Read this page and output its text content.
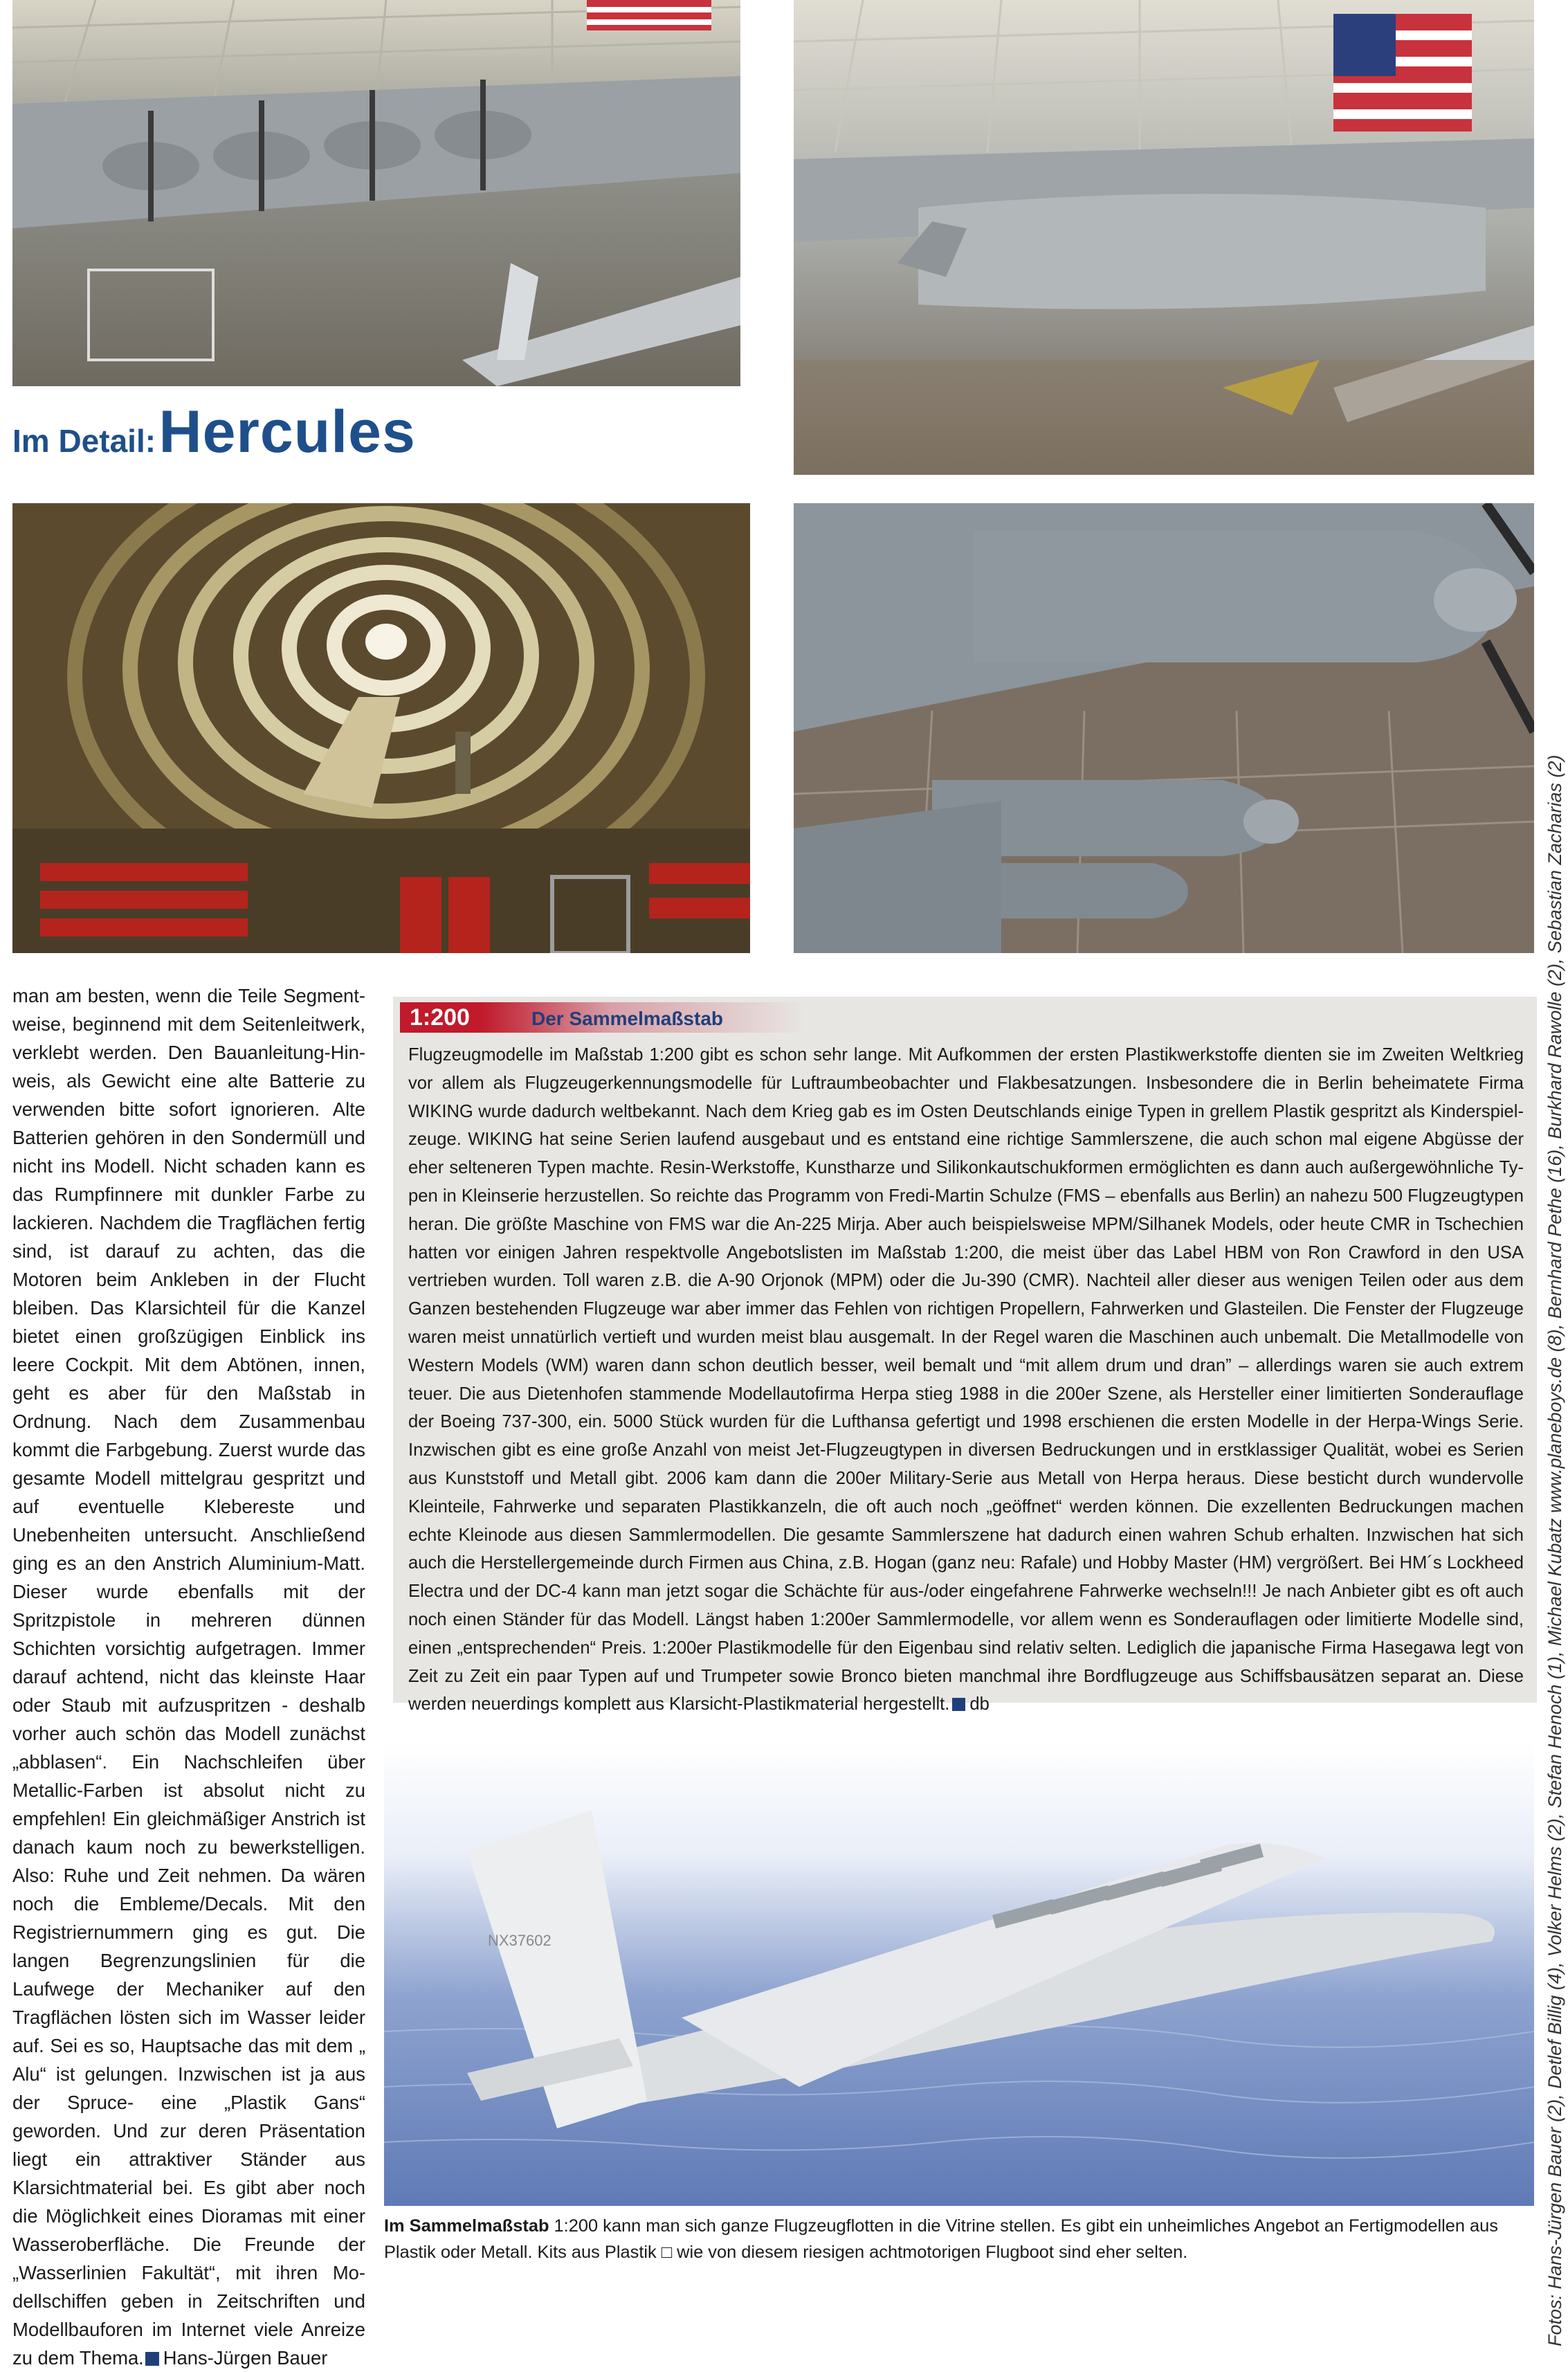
Im Detail: Hercules
man am besten, wenn die Teile Segmentweise, beginnend mit dem Seitenleitwerk, verklebt werden. Den Bauanleitung-Hinweis, als Gewicht eine alte Batterie zu verwenden bitte sofort ignorieren. Alte Batterien gehören in den Sondermüll und nicht ins Modell. Nicht schaden kann es das Rumpfinnere mit dunkler Farbe zu lackieren. Nachdem die Tragflächen fertig sind, ist darauf zu achten, das die Motoren beim Ankleben in der Flucht bleiben. Das Klarsichteil für die Kanzel bietet einen großzügigen Einblick ins leere Cockpit. Mit dem Abtönen, innen, geht es aber für den Maßstab in Ordnung. Nach dem Zusammenbau kommt die Farbgebung. Zuerst wurde das gesamte Modell mittelgrau gespritzt und auf eventuelle Klebereste und Unebenheiten untersucht. Anschließend ging es an den Anstrich Aluminium-Matt. Dieser wurde ebenfalls mit der Spritzpistole in mehreren dünnen Schichten vorsichtig aufgetragen. Immer darauf achtend, nicht das kleinste Haar oder Staub mit aufzuspritzen - deshalb vorher auch schön das Modell zunächst „abblasen“. Ein Nachschleifen über Metallic-Farben ist absolut nicht zu empfehlen! Ein gleichmäßiger Anstrich ist danach kaum noch zu bewerkstelligen. Also: Ruhe und Zeit nehmen. Da wären noch die Embleme/Decals. Mit den Registriernummern ging es gut. Die langen Begrenzungslinien für die Laufwege der Mechaniker auf den Tragflächen lösten sich im Wasser leider auf. Sei es so, Hauptsache das mit dem „ Alu“ ist gelungen. Inzwischen ist ja aus der Spruce- eine „Plastik Gans“ geworden. Und zur deren Präsentation liegt ein attraktiver Ständer aus Klarsichtmaterial bei. Es gibt aber noch die Möglichkeit eines Dioramas mit einer Wasseroberfläche. Die Freunde der „Wasserlinien Fakultät“, mit ihren Modellschiffen geben in Zeitschriften und Modellbauforen im Internet viele Anreize zu dem Thema. Hans-Jürgen Bauer
1:200	Der Sammelmaßstab
Flugzeugmodelle im Maßstab 1:200 gibt es schon sehr lange. Mit Aufkommen der ersten Plastikwerkstoffe dienten sie im Zweiten Weltkrieg vor allem als Flugzeugerkennungsmodelle für Luftraumbeobachter und Flakbesatzungen. Insbesondere die in Berlin beheimatete Firma WIKING wurde dadurch weltbekannt. Nach dem Krieg gab es im Osten Deutschlands einige Typen in grellem Plastik gespritzt als Kinderspielzeuge. WIKING hat seine Serien laufend ausgebaut und es entstand eine richtige Sammlerszene, die auch schon mal eigene Abgüsse der eher selteneren Typen machte. Resin-Werkstoffe, Kunstharze und Silikonkautschukformen ermöglichten es dann auch außergewöhnliche Typen in Kleinserie herzustellen. So reichte das Programm von Fredi-Martin Schulze (FMS – ebenfalls aus Berlin) an nahezu 500 Flugzeugtypen heran. Die größte Maschine von FMS war die An-225 Mirja. Aber auch beispielsweise MPM/Silhanek Models, oder heute CMR in Tschechien hatten vor einigen Jahren respektvolle Angebotslisten im Maßstab 1:200, die meist über das Label HBM von Ron Crawford in den USA vertrieben wurden. Toll waren z.B. die A-90 Orjonok (MPM) oder die Ju-390 (CMR). Nachteil aller dieser aus wenigen Teilen oder aus dem Ganzen bestehenden Flugzeuge war aber immer das Fehlen von richtigen Propellern, Fahrwerken und Glasteilen. Die Fenster der Flugzeuge waren meist unnatürlich vertieft und wurden meist blau ausgemalt. In der Regel waren die Maschinen auch unbemalt. Die Metallmodelle von Western Models (WM) waren dann schon deutlich besser, weil bemalt und “mit allem drum und dran” – allerdings waren sie auch extrem teuer. Die aus Dietenhofen stammende Modellautofirma Herpa stieg 1988 in die 200er Szene, als Hersteller einer limitierten Sonderauflage der Boeing 737-300, ein. 5000 Stück wurden für die Lufthansa gefertigt und 1998 erschienen die ersten Modelle in der Herpa-Wings Serie. Inzwischen gibt es eine große Anzahl von meist Jet-Flugzeugtypen in diversen Bedruckungen und in erstklassiger Qualität, wobei es Serien aus Kunststoff und Metall gibt. 2006 kam dann die 200er Military-Serie aus Metall von Herpa heraus. Diese besticht durch wundervolle Kleinteile, Fahrwerke und separaten Plastikkanzeln, die oft auch noch „geöffnet“ werden können. Die exzellenten Bedruckungen machen echte Kleinode aus diesen Sammlermodellen. Die gesamte Sammlerszene hat dadurch einen wahren Schub erhalten. Inzwischen hat sich auch die Herstellergemeinde durch Firmen aus China, z.B. Hogan (ganz neu: Rafale) und Hobby Master (HM) vergrößert. Bei HM´s Lockheed Electra und der DC-4 kann man jetzt sogar die Schächte für aus-/oder eingefahrene Fahrwerke wechseln!!! Je nach Anbieter gibt es oft auch noch einen Ständer für das Modell. Längst haben 1:200er Sammlermodelle, vor allem wenn es Sonderauflagen oder limitierte Modelle sind, einen „entsprechenden“ Preis. 1:200er Plastikmodelle für den Eigenbau sind relativ selten. Lediglich die japanische Firma Hasegawa legt von Zeit zu Zeit ein paar Typen auf und Trumpeter sowie Bronco bieten manchmal ihre Bordflugzeuge aus Schiffsbausätzen separat an. Diese werden neuerdings komplett aus Klarsicht-Plastikmaterial hergestellt. db
NX37602
Im Sammelmaßstab 1:200 kann man sich ganze Flugzeugflotten in die Vitrine stellen. Es gibt ein unheimliches Angebot an Fertigmodellen aus Plastik oder Metall. Kits aus Plastik □ wie von diesem riesigen achtmotorigen Flugboot sind eher selten.	Fotos: Hans-Jürgen Bauer (2), Detlef Billig (4), Volker Helms (2), Stefan Henoch (1), Michael Kubatz www.planeboys.de (8), Bernhard Pethe (16), Burkhard Rawolle (2), Sebastian Zacharias (2)
